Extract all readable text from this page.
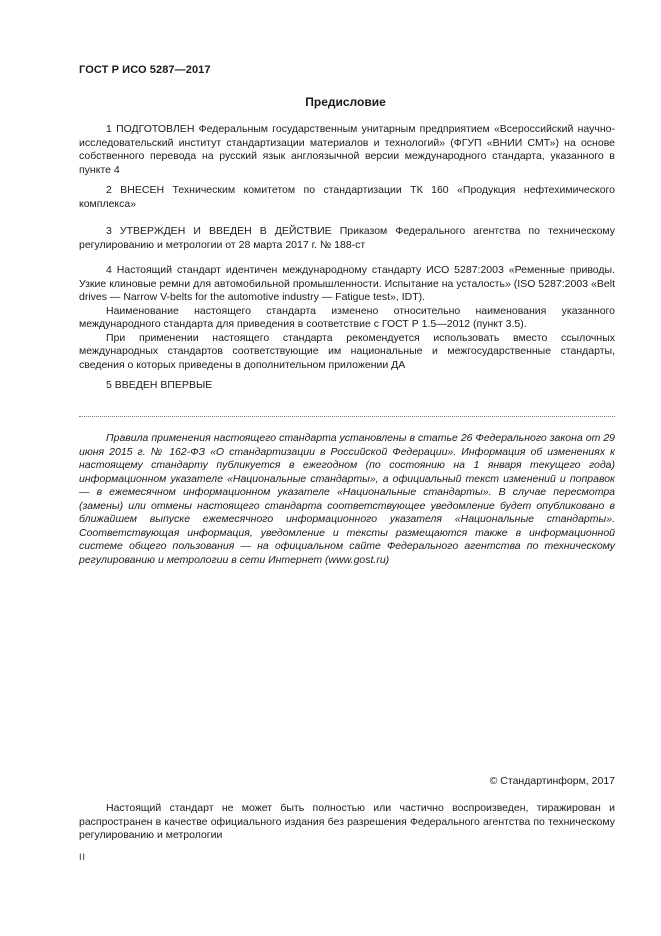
ГОСТ Р ИСО 5287—2017
Предисловие

1 ПОДГОТОВЛЕН Федеральным государственным унитарным предприятием «Всероссийский научно-исследовательский институт стандартизации материалов и технологий» (ФГУП «ВНИИ СМТ») на основе собственного перевода на русский язык англоязычной версии международного стандарта, указанного в пункте 4

2 ВНЕСЕН Техническим комитетом по стандартизации ТК 160 «Продукция нефтехимического комплекса»

3 УТВЕРЖДЕН И ВВЕДЕН В ДЕЙСТВИЕ Приказом Федерального агентства по техническому регулированию и метрологии от 28 марта 2017 г. № 188-ст

4 Настоящий стандарт идентичен международному стандарту ИСО 5287:2003 «Ременные приводы. Узкие клиновые ремни для автомобильной промышленности. Испытание на усталость» (ISO 5287:2003 «Belt drives — Narrow V-belts for the automotive industry — Fatigue test», IDT).

Наименование настоящего стандарта изменено относительно наименования указанного международного стандарта для приведения в соответствие с ГОСТ Р 1.5—2012 (пункт 3.5).

При применении настоящего стандарта рекомендуется использовать вместо ссылочных международных стандартов соответствующие им национальные и межгосударственные стандарты, сведения о которых приведены в дополнительном приложении ДА

5 ВВЕДЕН ВПЕРВЫЕ

Правила применения настоящего стандарта установлены в статье 26 Федерального закона от 29 июня 2015 г. № 162-ФЗ «О стандартизации в Российской Федерации». Информация об изменениях к настоящему стандарту публикуется в ежегодном (по состоянию на 1 января текущего года) информационном указателе «Национальные стандарты», а официальный текст изменений и поправок — в ежемесячном информационном указателе «Национальные стандарты». В случае пересмотра (замены) или отмены настоящего стандарта соответствующее уведомление будет опубликовано в ближайшем выпуске ежемесячного информационного указателя «Национальные стандарты». Соответствующая информация, уведомление и тексты размещаются также в информационной системе общего пользования — на официальном сайте Федерального агентства по техническому регулированию и метрологии в сети Интернет (www.gost.ru)

© Стандартинформ, 2017

Настоящий стандарт не может быть полностью или частично воспроизведен, тиражирован и распространен в качестве официального издания без разрешения Федерального агентства по техническому регулированию и метрологии

II
